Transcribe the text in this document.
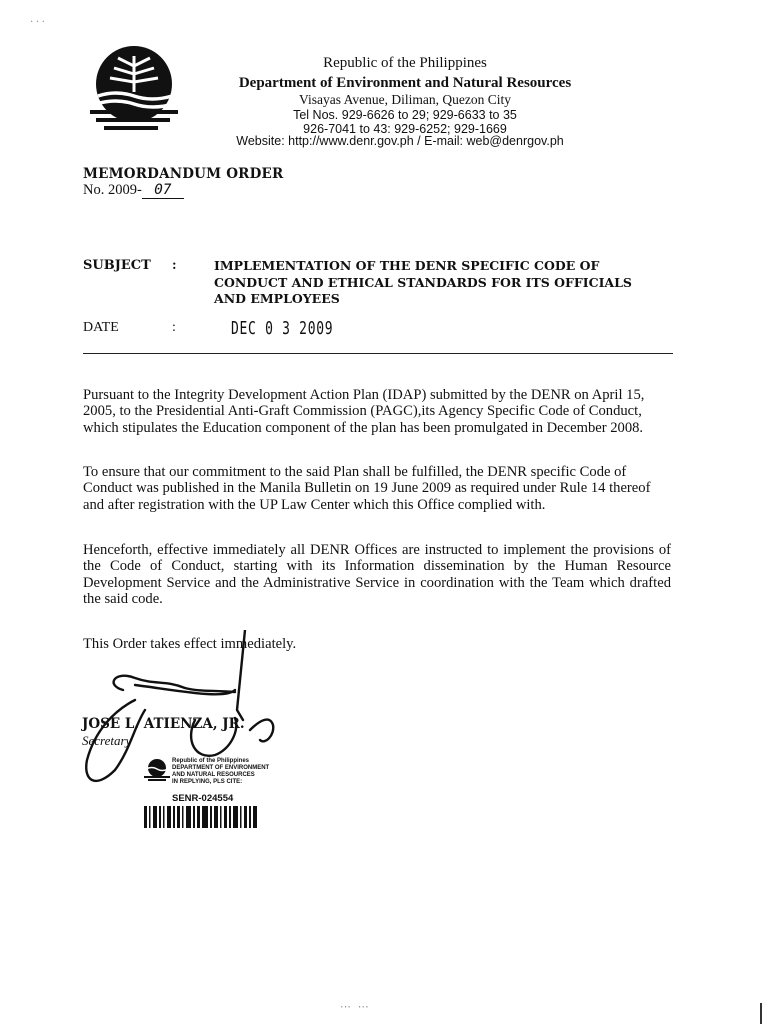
Republic of the Philippines
Department of Environment and Natural Resources
Visayas Avenue, Diliman, Quezon City
Tel Nos. 929-6626 to 29; 929-6633 to 35
926-7041 to 43: 929-6252; 929-1669
Website: http://www.denr.gov.ph / E-mail: web@denrgov.ph
MEMORDANDUM ORDER
No. 2009- 07
SUBJECT :	IMPLEMENTATION OF THE DENR SPECIFIC CODE OF CONDUCT AND ETHICAL STANDARDS FOR ITS OFFICIALS AND EMPLOYEES
DATE	:	DEC 0 3 2009
Pursuant to the Integrity Development Action Plan (IDAP) submitted by the DENR on April 15, 2005, to the Presidential Anti-Graft Commission (PAGC),its Agency Specific Code of Conduct, which stipulates the Education component of the plan has been promulgated in December 2008.
To ensure that our commitment to the said Plan shall be fulfilled, the DENR specific Code of Conduct was published in the Manila Bulletin on 19 June 2009 as required under Rule 14 thereof and after registration with the UP Law Center which this Office complied with.
Henceforth, effective immediately all DENR Offices are instructed to implement the provisions of the Code of Conduct, starting with its Information dissemination by the Human Resource Development Service and the Administrative Service in coordination with the Team which drafted the said code.
This Order takes effect immediately.
JOSE L. ATIENZA, JR.
Secretary
Republic of the Philippines
DEPARTMENT OF ENVIRONMENT
AND NATURAL RESOURCES
IN REPLYING, PLS CITE:
SENR-024554
․ ․ ․
⋯ ⋯
